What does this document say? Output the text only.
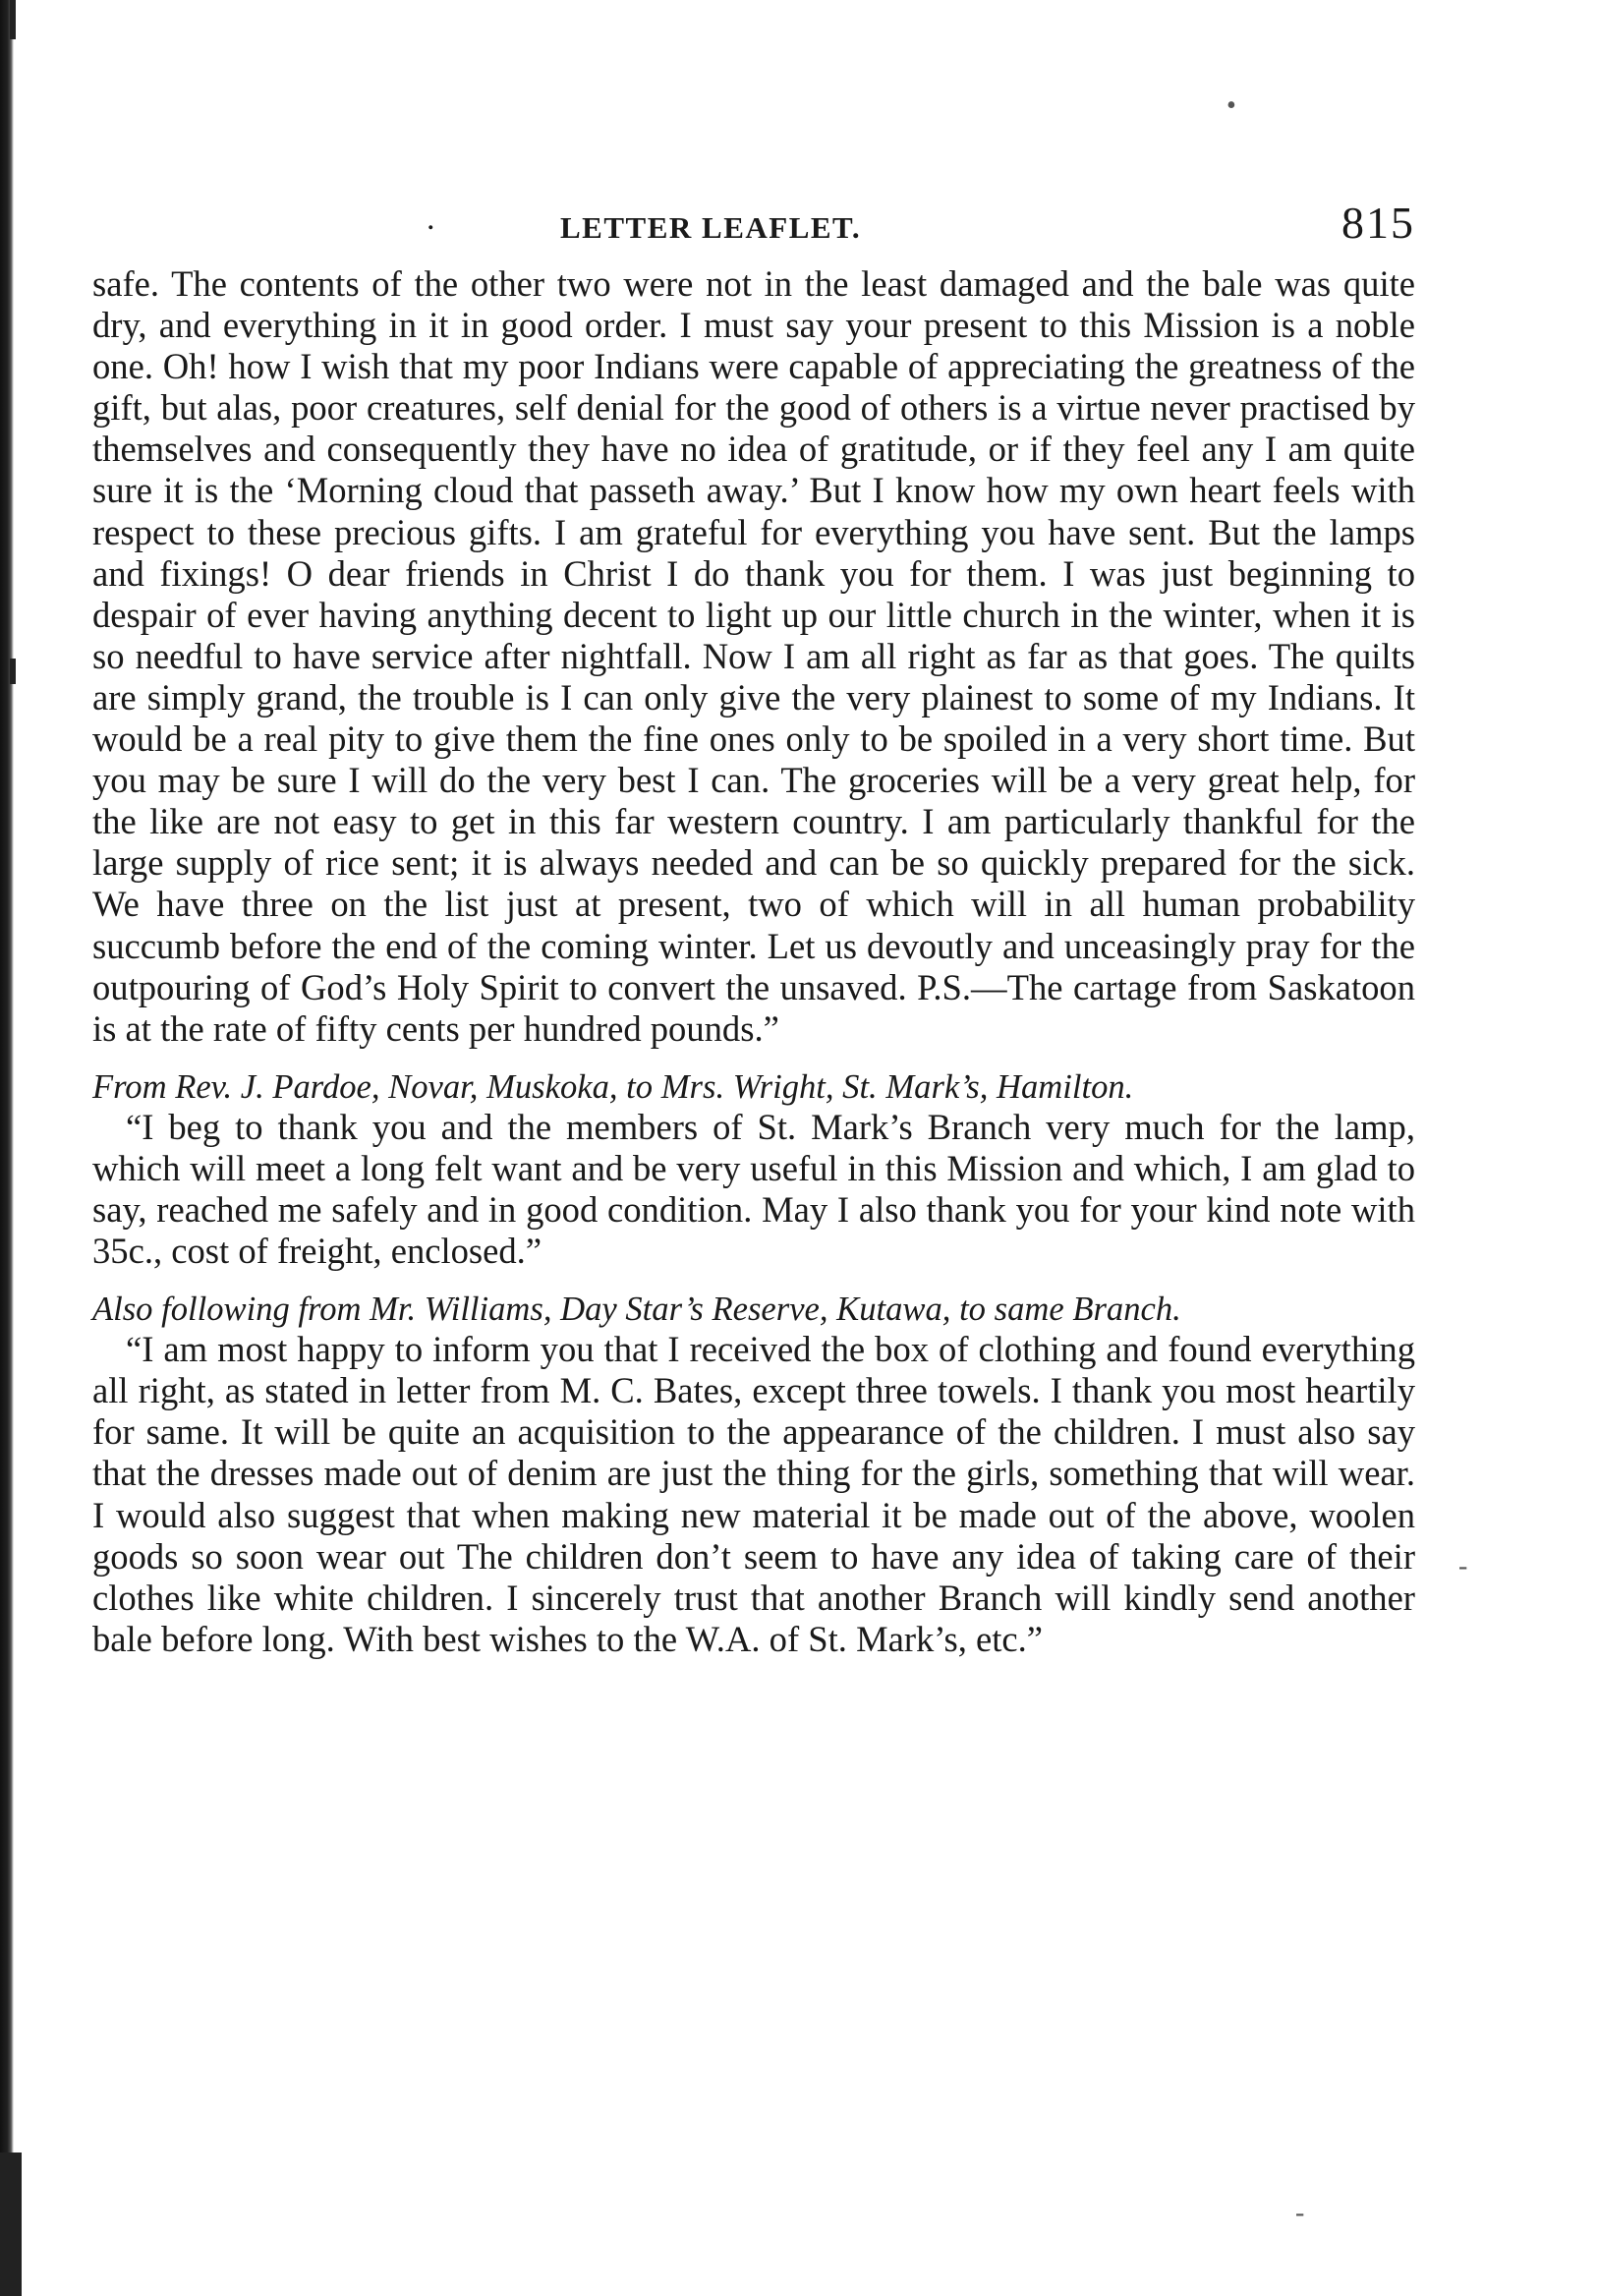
•
-
-
.	LETTER LEAFLET.	815

safe. The contents of the other two were not in the least damaged and the bale was quite dry, and everything in it in good order. I must say your present to this Mission is a noble one. Oh! how I wish that my poor Indians were capable of appreciating the greatness of the gift, but alas, poor creatures, self denial for the good of others is a virtue never practised by themselves and consequently they have no idea of gratitude, or if they feel any I am quite sure it is the ‘Morning cloud that passeth away.’ But I know how my own heart feels with respect to these precious gifts. I am grateful for everything you have sent. But the lamps and fixings! O dear friends in Christ I do thank you for them. I was just beginning to despair of ever having anything decent to light up our little church in the winter, when it is so needful to have service after nightfall. Now I am all right as far as that goes. The quilts are simply grand, the trouble is I can only give the very plainest to some of my Indians. It would be a real pity to give them the fine ones only to be spoiled in a very short time. But you may be sure I will do the very best I can. The groceries will be a very great help, for the like are not easy to get in this far western country. I am particularly thankful for the large supply of rice sent; it is always needed and can be so quickly prepared for the sick. We have three on the list just at present, two of which will in all human probability succumb before the end of the coming winter. Let us devoutly and unceasingly pray for the outpouring of God’s Holy Spirit to convert the unsaved. P.S.—The cartage from Saskatoon is at the rate of fifty cents per hundred pounds.”

From Rev. J. Pardoe, Novar, Muskoka, to Mrs. Wright, St. Mark’s, Hamilton.

“I beg to thank you and the members of St. Mark’s Branch very much for the lamp, which will meet a long felt want and be very useful in this Mission and which, I am glad to say, reached me safely and in good condition. May I also thank you for your kind note with 35c., cost of freight, enclosed.”

Also following from Mr. Williams, Day Star’s Reserve, Kutawa, to same Branch.

“I am most happy to inform you that I received the box of clothing and found everything all right, as stated in letter from M. C. Bates, except three towels. I thank you most heartily for same. It will be quite an acquisition to the appearance of the children. I must also say that the dresses made out of denim are just the thing for the girls, something that will wear. I would also suggest that when making new material it be made out of the above, woolen goods so soon wear out The children don’t seem to have any idea of taking care of their clothes like white children. I sincerely trust that another Branch will kindly send another bale before long. With best wishes to the W.A. of St. Mark’s, etc.”
